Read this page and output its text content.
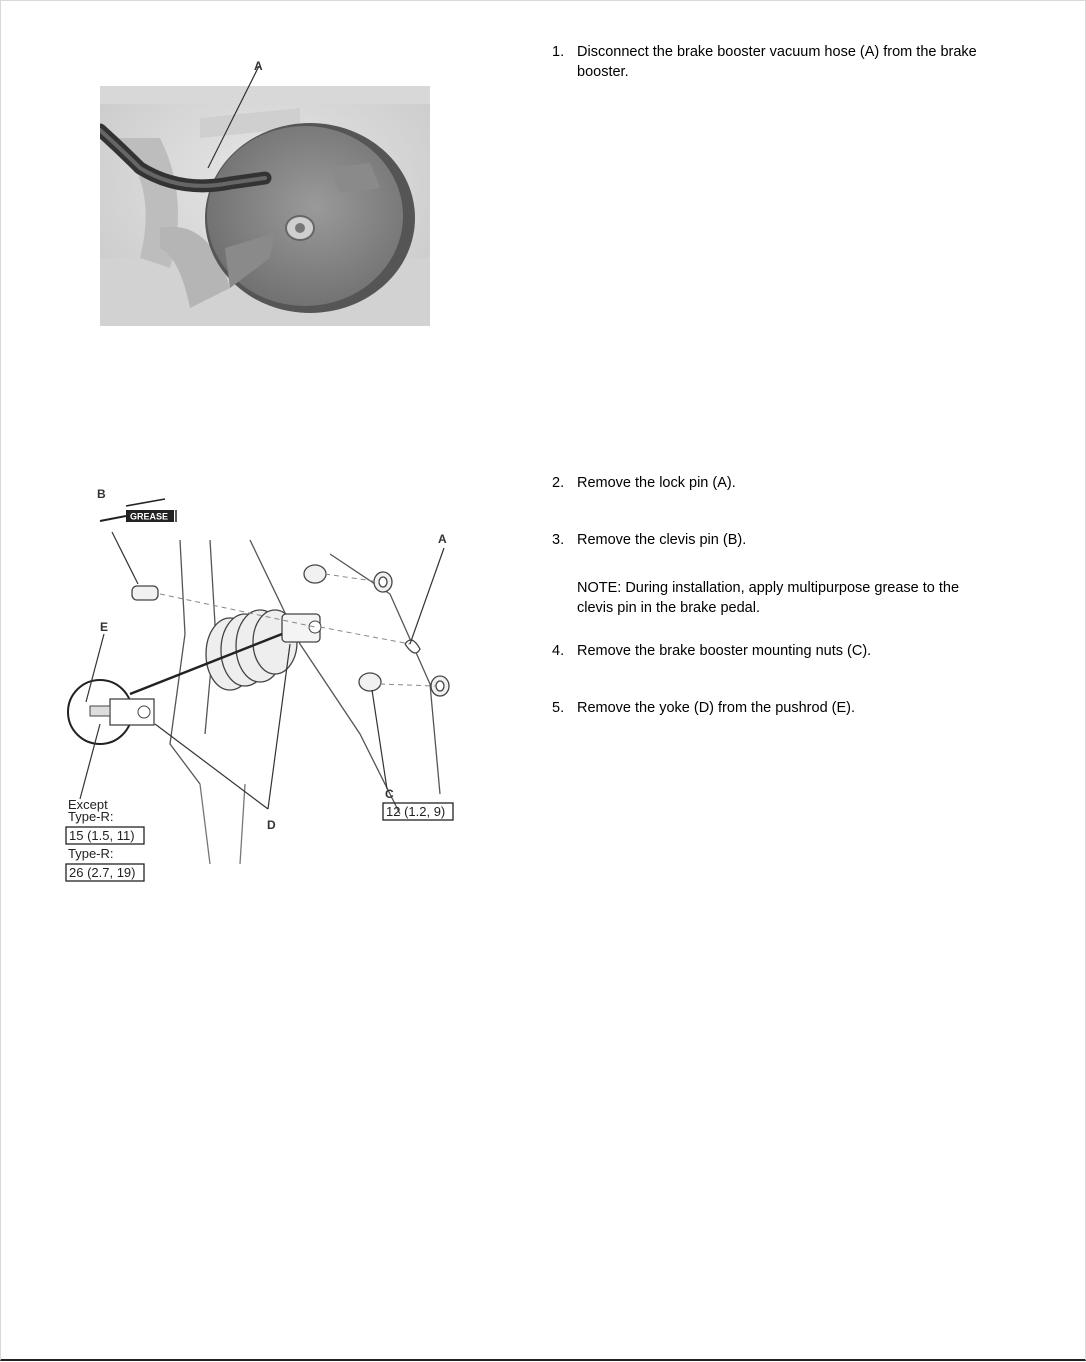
A
GREASE
B
A
E
C
D
Except
Type-R:
15 (1.5, 11)
Type-R:
26 (2.7, 19)
12 (1.2, 9)
1. Disconnect the brake booster vacuum hose (A) from the brake booster.
2. Remove the lock pin (A).
3. Remove the clevis pin (B).
NOTE: During installation, apply multipurpose grease to the clevis pin in the brake pedal.
4. Remove the brake booster mounting nuts (C).
5. Remove the yoke (D) from the pushrod (E).
